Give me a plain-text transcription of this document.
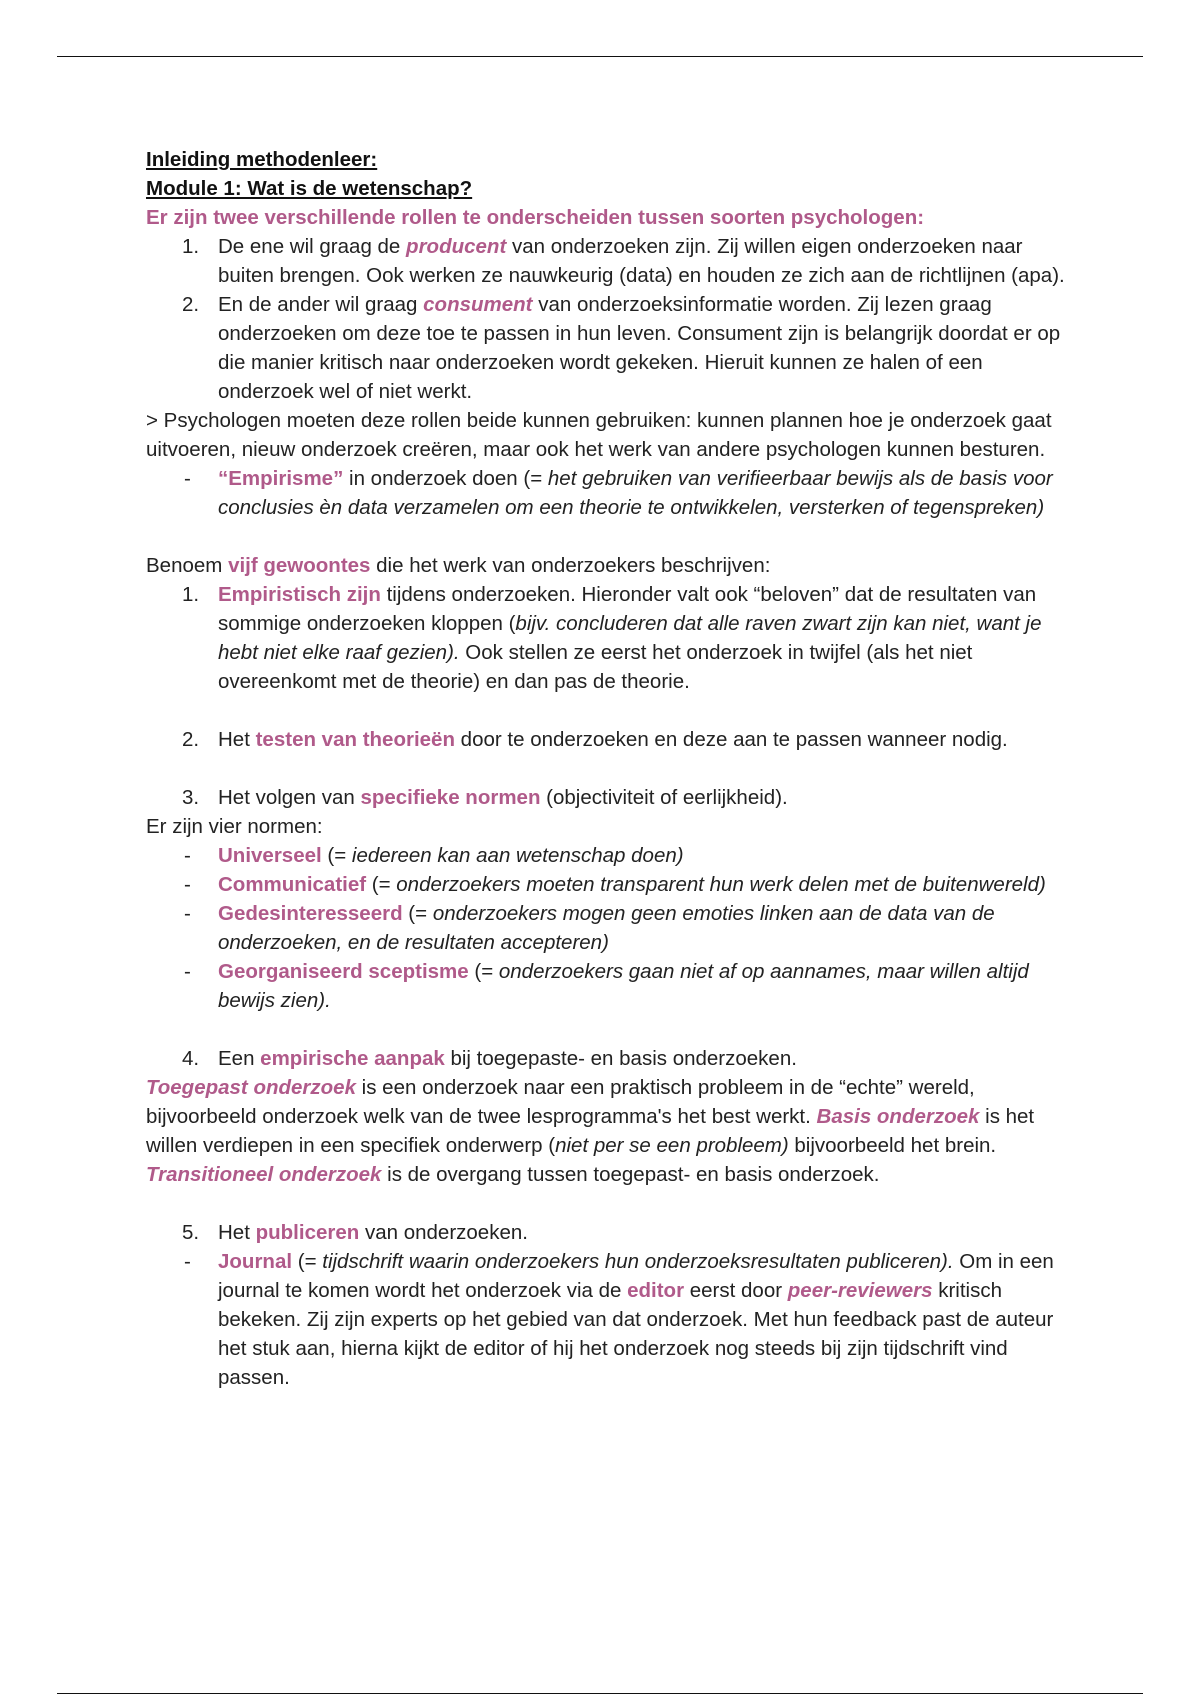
Inleiding methodenleer:

Module 1: Wat is de wetenschap?

Er zijn twee verschillende rollen te onderscheiden tussen soorten psychologen:

1. De ene wil graag de producent van onderzoeken zijn. Zij willen eigen onderzoeken naar buiten brengen. Ook werken ze nauwkeurig (data) en houden ze zich aan de richtlijnen (apa).
2. En de ander wil graag consument van onderzoeksinformatie worden. Zij lezen graag onderzoeken om deze toe te passen in hun leven. Consument zijn is belangrijk doordat er op die manier kritisch naar onderzoeken wordt gekeken. Hieruit kunnen ze halen of een onderzoek wel of niet werkt.

> Psychologen moeten deze rollen beide kunnen gebruiken: kunnen plannen hoe je onderzoek gaat uitvoeren, nieuw onderzoek creëren, maar ook het werk van andere psychologen kunnen besturen.

- “Empirisme” in onderzoek doen (= het gebruiken van verifieerbaar bewijs als de basis voor conclusies èn data verzamelen om een theorie te ontwikkelen, versterken of tegenspreken)

Benoem vijf gewoontes die het werk van onderzoekers beschrijven:

1. Empiristisch zijn tijdens onderzoeken. Hieronder valt ook “beloven” dat de resultaten van sommige onderzoeken kloppen (bijv. concluderen dat alle raven zwart zijn kan niet, want je hebt niet elke raaf gezien). Ook stellen ze eerst het onderzoek in twijfel (als het niet overeenkomt met de theorie) en dan pas de theorie.
2. Het testen van theorieën door te onderzoeken en deze aan te passen wanneer nodig.
3. Het volgen van specifieke normen (objectiviteit of eerlijkheid).

Er zijn vier normen:

- Universeel (= iedereen kan aan wetenschap doen)
- Communicatief (= onderzoekers moeten transparent hun werk delen met de buitenwereld)
- Gedesinteresseerd (= onderzoekers mogen geen emoties linken aan de data van de onderzoeken, en de resultaten accepteren)
- Georganiseerd sceptisme (= onderzoekers gaan niet af op aannames, maar willen altijd bewijs zien).
4. Een empirische aanpak bij toegepaste- en basis onderzoeken.

Toegepast onderzoek is een onderzoek naar een praktisch probleem in de “echte” wereld, bijvoorbeeld onderzoek welk van de twee lesprogramma's het best werkt. Basis onderzoek is het willen verdiepen in een specifiek onderwerp (niet per se een probleem) bijvoorbeeld het brein. Transitioneel onderzoek is de overgang tussen toegepast- en basis onderzoek.

5. Het publiceren van onderzoeken.
- Journal (= tijdschrift waarin onderzoekers hun onderzoeksresultaten publiceren). Om in een journal te komen wordt het onderzoek via de editor eerst door peer-reviewers kritisch bekeken. Zij zijn experts op het gebied van dat onderzoek. Met hun feedback past de auteur het stuk aan, hierna kijkt de editor of hij het onderzoek nog steeds bij zijn tijdschrift vind passen.
